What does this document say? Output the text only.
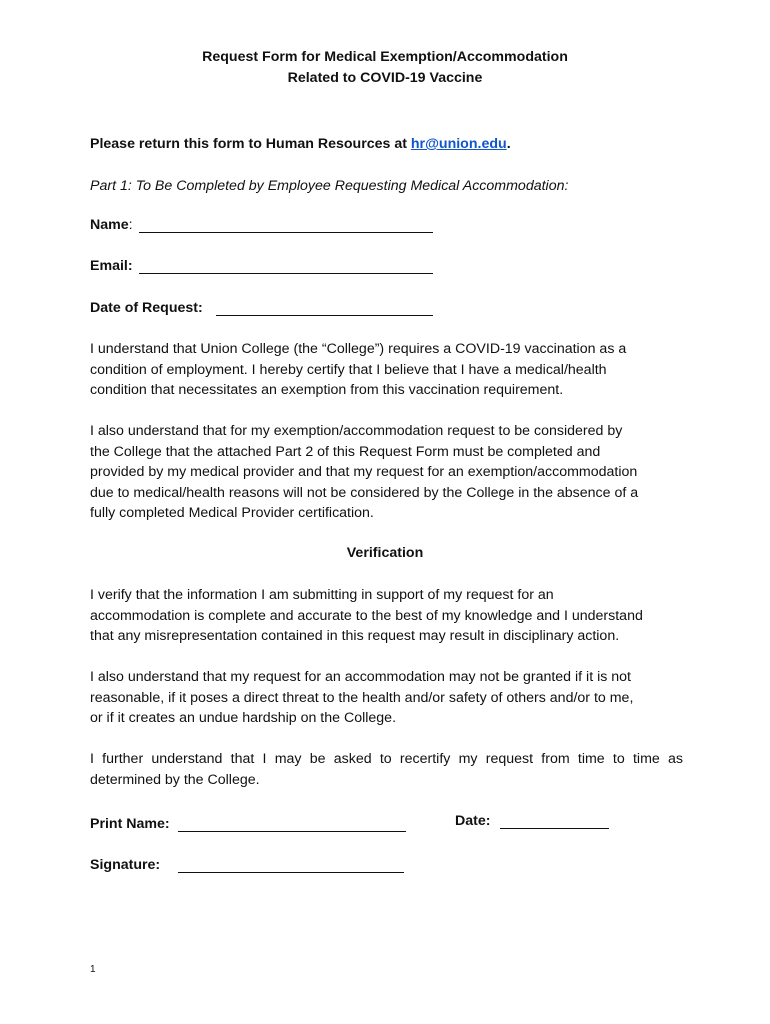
Request Form for Medical Exemption/Accommodation
Related to COVID-19 Vaccine
Please return this form to Human Resources at hr@union.edu.
Part 1: To Be Completed by Employee Requesting Medical Accommodation:
Name:
Email:
Date of Request:
I understand that Union College (the “College”) requires a COVID-19 vaccination as a
condition of employment. I hereby certify that I believe that I have a medical/health
condition that necessitates an exemption from this vaccination requirement.
I also understand that for my exemption/accommodation request to be considered by
the College that the attached Part 2 of this Request Form must be completed and
provided by my medical provider and that my request for an exemption/accommodation
due to medical/health reasons will not be considered by the College in the absence of a
fully completed Medical Provider certification.
Verification
I verify that the information I am submitting in support of my request for an
accommodation is complete and accurate to the best of my knowledge and I understand
that any misrepresentation contained in this request may result in disciplinary action.
I also understand that my request for an accommodation may not be granted if it is not
reasonable, if it poses a direct threat to the health and/or safety of others and/or to me,
or if it creates an undue hardship on the College.
I further understand that I may be asked to recertify my request from time to time as
determined by the College.
Print Name:	Date:
Signature:
1
